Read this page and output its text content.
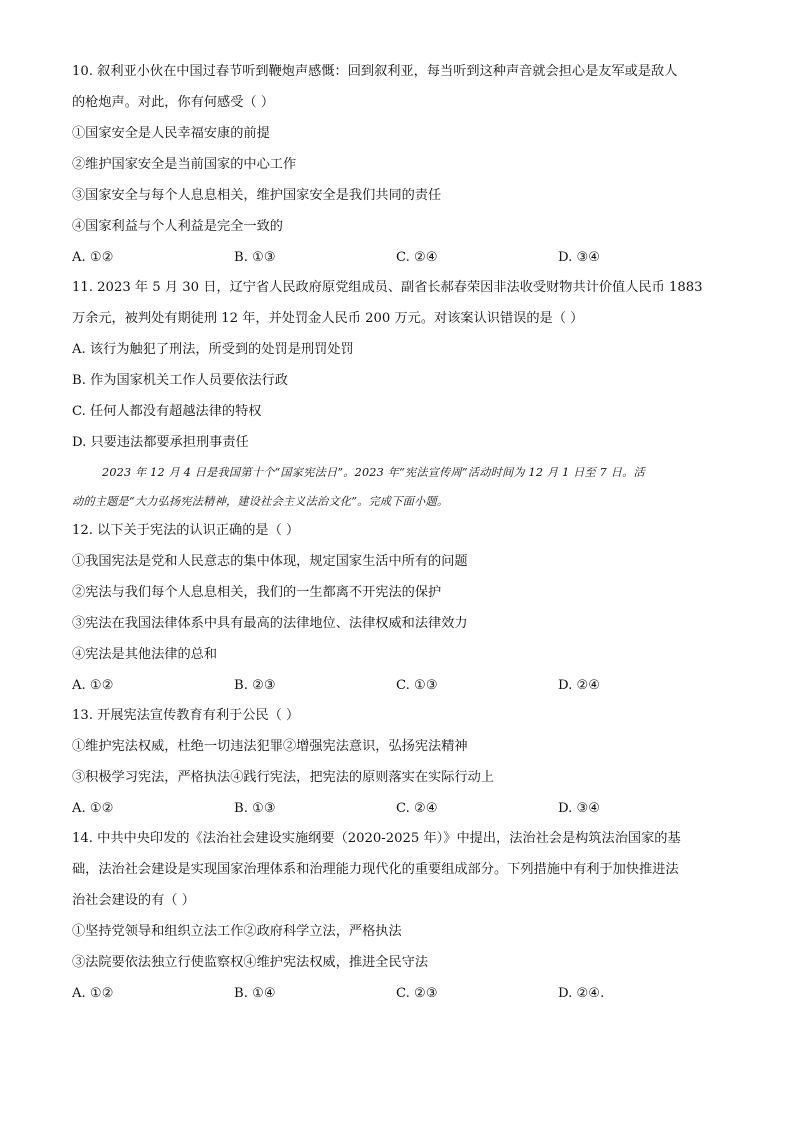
10. 叙利亚小伙在中国过春节听到鞭炮声感慨：回到叙利亚，每当听到这种声音就会担心是友军或是敌人

的枪炮声。对此，你有何感受（ ）

①国家安全是人民幸福安康的前提

②维护国家安全是当前国家的中心工作

③国家安全与每个人息息相关，维护国家安全是我们共同的责任

④国家利益与个人利益是完全一致的

A. ①②	B. ①③	C. ②④	D. ③④

11. 2023 年 5 月 30 日，辽宁省人民政府原党组成员、副省长郝春荣因非法收受财物共计价值人民币 1883

万余元，被判处有期徒刑 12 年，并处罚金人民币 200 万元。对该案认识错误的是（ ）

A. 该行为触犯了刑法，所受到的处罚是刑罚处罚

B. 作为国家机关工作人员要依法行政

C. 任何人都没有超越法律的特权

D. 只要违法都要承担刑事责任

2023 年 12 月 4 日是我国第十个“国家宪法日”。2023 年“宪法宣传周”活动时间为 12 月 1 日至 7 日。活

动的主题是“大力弘扬宪法精神，建设社会主义法治文化”。完成下面小题。

12. 以下关于宪法的认识正确的是（ ）

①我国宪法是党和人民意志的集中体现，规定国家生活中所有的问题

②宪法与我们每个人息息相关，我们的一生都离不开宪法的保护

③宪法在我国法律体系中具有最高的法律地位、法律权威和法律效力

④宪法是其他法律的总和

A. ①②	B. ②③	C. ①③	D. ②④

13. 开展宪法宣传教育有利于公民（ ）

①维护宪法权威，杜绝一切违法犯罪②增强宪法意识，弘扬宪法精神

③积极学习宪法，严格执法④践行宪法，把宪法的原则落实在实际行动上

A. ①②	B. ①③	C. ②④	D. ③④

14. 中共中央印发的《法治社会建设实施纲要（2020-2025 年）》中提出，法治社会是构筑法治国家的基

础，法治社会建设是实现国家治理体系和治理能力现代化的重要组成部分。下列措施中有利于加快推进法

治社会建设的有（ ）

①坚持党领导和组织立法工作②政府科学立法，严格执法

③法院要依法独立行使监察权④维护宪法权威，推进全民守法

A. ①②	B. ①④	C. ②③	D. ②④.
